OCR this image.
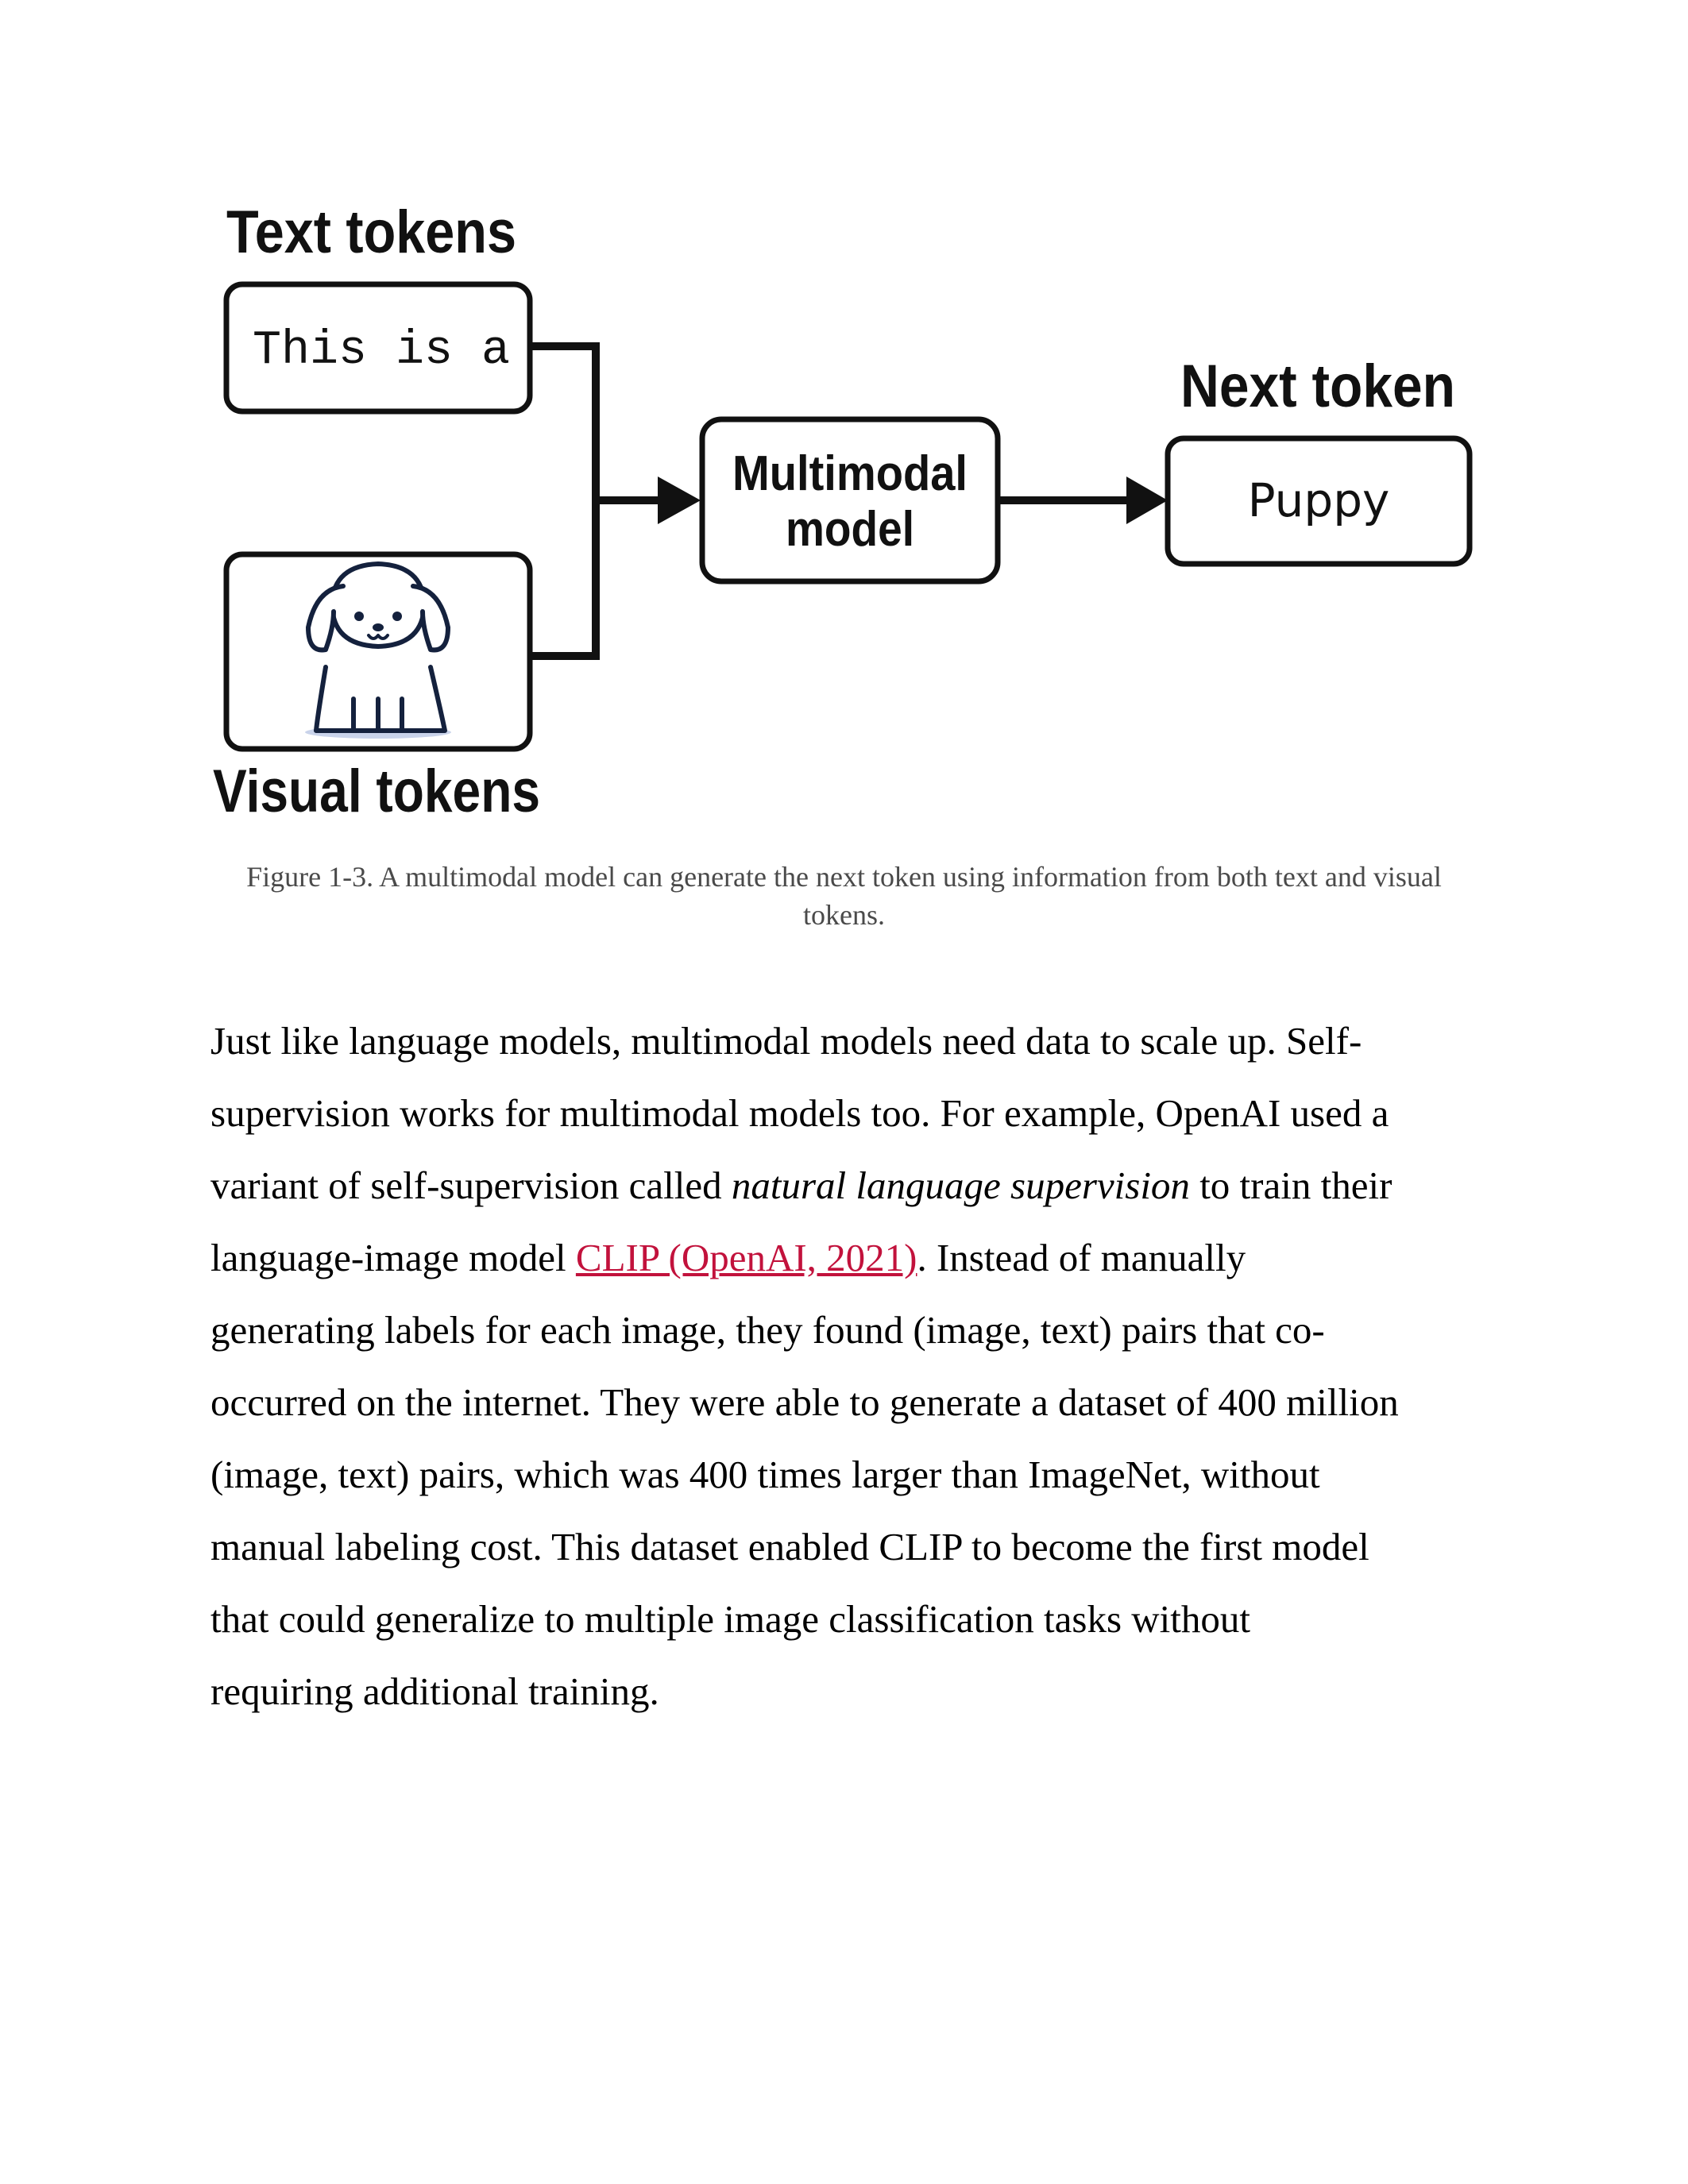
Text tokens
This is a
Visual tokens
Multimodal
model
Next token
Puppy
Figure 1-3. A multimodal model can generate the next token using information from both text and visual tokens.
Just like language models, multimodal models need data to scale up. Self-
supervision works for multimodal models too. For example, OpenAI used a
variant of self-supervision called natural language supervision to train their
language-image model CLIP (OpenAI, 2021). Instead of manually
generating labels for each image, they found (image, text) pairs that co-
occurred on the internet. They were able to generate a dataset of 400 million
(image, text) pairs, which was 400 times larger than ImageNet, without
manual labeling cost. This dataset enabled CLIP to become the first model
that could generalize to multiple image classification tasks without
requiring additional training.
